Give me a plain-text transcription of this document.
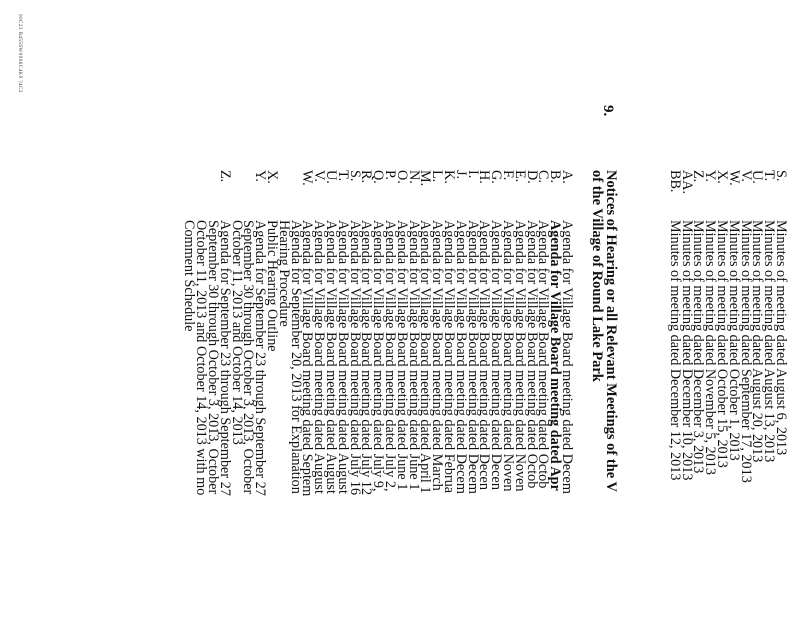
00C23 B4556W0096C4K0 ?4C2
S.
Minutes of meeting dated August 6, 2013
T.
Minutes of meeting dated August 13, 2013
U.
Minutes of meeting dated August 20, 2013
V.
Minutes of meeting dated September 17, 2013
W.
Minutes of meeting dated October 1, 2013
X.
Minutes of meeting dated October 15, 2013
Y.
Minutes of meeting dated November 5, 2013
Z.
Minutes of meeting dated December 3, 2013
AA.
Minutes of meeting dated December 10, 2013
BB.
Minutes of meeting dated December 12, 2013
9.
Notices of Hearing or all Relevant Meetings of the V
of the Village of Round Lake Park
A.
Agenda for Village Board meeting dated Decem
B.
Agenda for Village Board meeting dated Apr
C.
Agenda for Village Board meeting dated Octob
D.
Agenda for Village Board meeting dated Octob
E.
Agenda for Village Board meeting dated Noven
F.
Agenda for Village Board meeting dated Noven
G.
Agenda for Village Board meeting dated Decen
H.
Agenda for Village Board meeting dated Decen
I.
Agenda for Village Board meeting dated Decem
J.
Agenda for Village Board meeting dated Decem
K.
Agenda for Village Board meeting dated Februa
L.
Agenda for Village Board meeting dated March
M.
Agenda for Village Board meeting dated April 1
N.
Agenda for Village Board meeting dated June 1
O.
Agenda for Village Board meeting dated June 1
P.
Agenda for Village Board meeting dated July 2,
Q.
Agenda for Village Board meeting dated July 9,
R.
Agenda for Village Board meeting dated July 12
S.
Agenda for Village Board meeting dated July 16
T.
Agenda for Village Board meeting dated August
U.
Agenda for Village Board meeting dated August
V.
Agenda for Village Board meeting dated August
W.
Agenda for Village Board meeting dated Septem
Agenda for September 20, 2013 for Explanation
Hearing Procedure
X.
Public Hearing Outline
Y.
Agenda for September 23 through September 27
September 30 through October 3, 2013, October
October 11, 2013 and October 14, 2013
Z.
Agenda for September 23 through September 27
September 30 through October 3, 2013, October
October 11, 2013 and October 14, 2013 with mo
Comment Schedule
